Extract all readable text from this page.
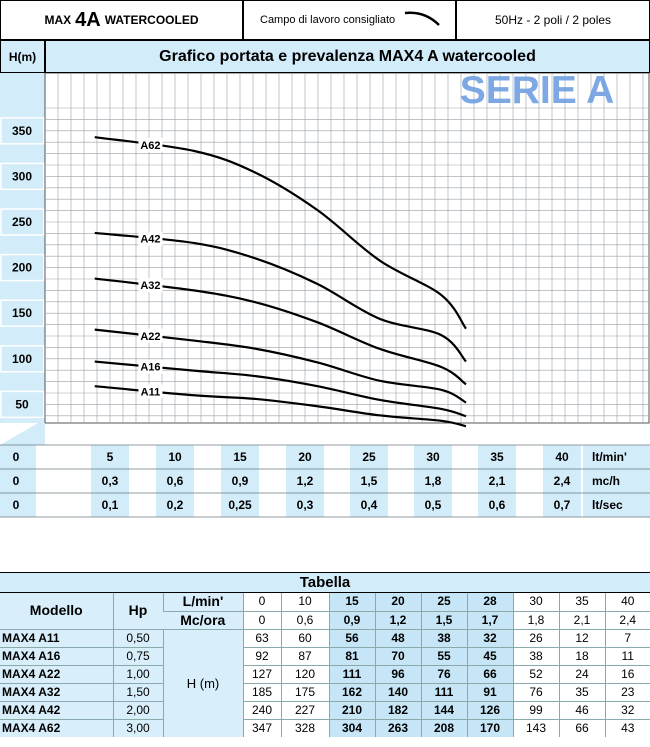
MAX 4A WATERCOOLED	Campo di lavoro consigliato	50Hz - 2 poli / 2 poles
H(m)	Grafico portata e prevalenza MAX4 A watercooled
50
100
150
200
250
300
350
SERIE A
A62
A42
A32
A22
A16
A11
0	5	10	15	20	25	30	35	40 lt/min'
0	0,3	0,6	0,9	1,2	1,5	1,8	2,1	2,4 mc/h
0	0,1	0,2	0,25	0,3	0,4	0,5	0,6	0,7 lt/sec
Tabella
Modello	Hp	L/min'	0	10	15	20	25	28	30	35	40
		Mc/ora	0	0,6	0,9	1,2	1,5	1,7	1,8	2,1	2,4
MAX4 A11	0,50	H (m)	63	60	56	48	38	32	26	12	7
MAX4 A16	0,75		92	87	81	70	55	45	38	18	11
MAX4 A22	1,00		127	120	111	96	76	66	52	24	16
MAX4 A32	1,50		185	175	162	140	111	91	76	35	23
MAX4 A42	2,00		240	227	210	182	144	126	99	46	32
MAX4 A62	3,00		347	328	304	263	208	170	143	66	43
